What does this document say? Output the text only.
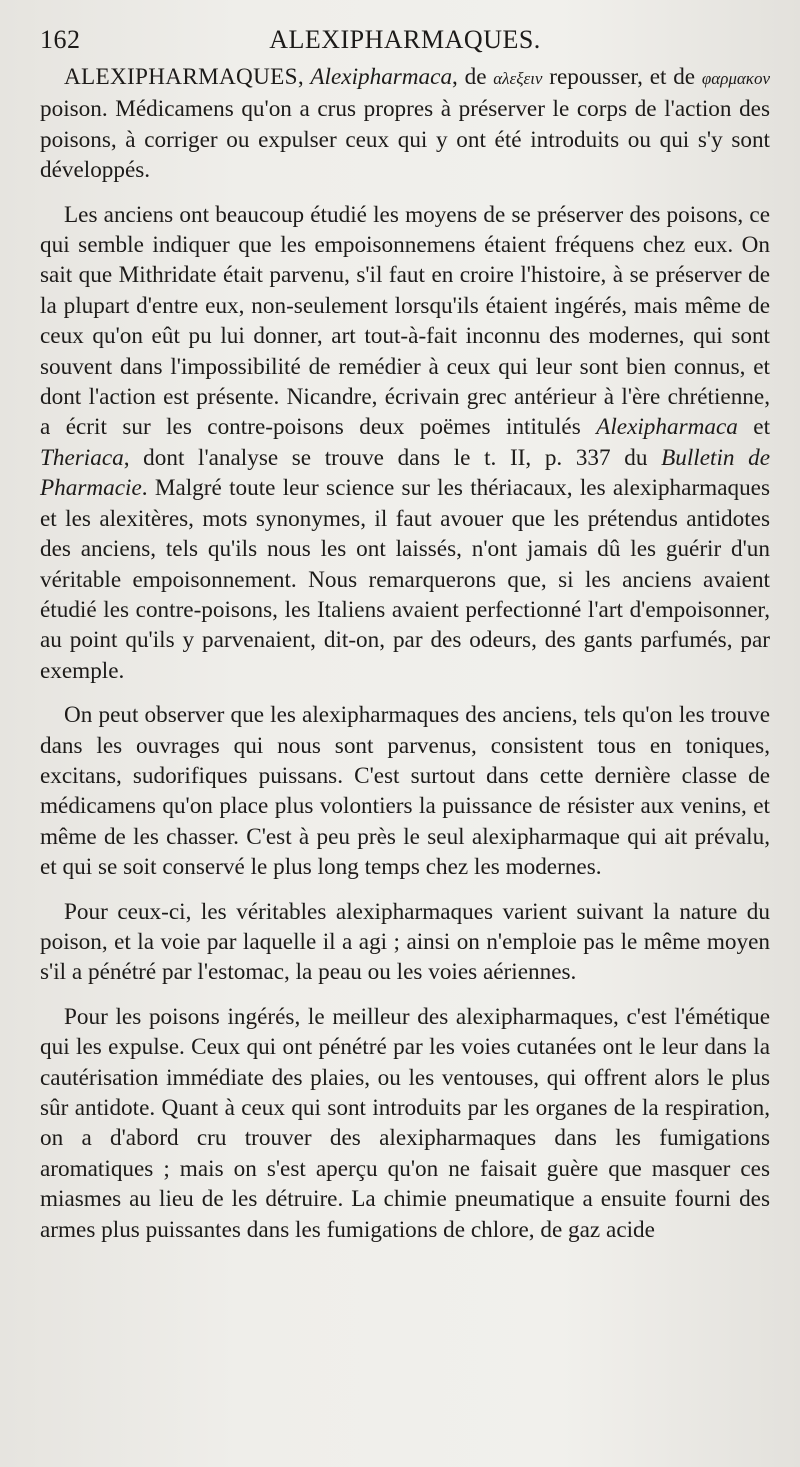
162	ALEXIPHARMAQUES.

ALEXIPHARMAQUES, Alexipharmaca, de αλεξειν repousser, et de φαρμακον poison. Médicamens qu'on a crus propres à préserver le corps de l'action des poisons, à corriger ou expulser ceux qui y ont été introduits ou qui s'y sont développés.

Les anciens ont beaucoup étudié les moyens de se préserver des poisons, ce qui semble indiquer que les empoisonnemens étaient fréquens chez eux. On sait que Mithridate était parvenu, s'il faut en croire l'histoire, à se préserver de la plupart d'entre eux, non-seulement lorsqu'ils étaient ingérés, mais même de ceux qu'on eût pu lui donner, art tout-à-fait inconnu des modernes, qui sont souvent dans l'impossibilité de remédier à ceux qui leur sont bien connus, et dont l'action est présente. Nicandre, écrivain grec antérieur à l'ère chrétienne, a écrit sur les contre-poisons deux poëmes intitulés Alexipharmaca et Theriaca, dont l'analyse se trouve dans le t. II, p. 337 du Bulletin de Pharmacie. Malgré toute leur science sur les thériacaux, les alexipharmaques et les alexitères, mots synonymes, il faut avouer que les prétendus antidotes des anciens, tels qu'ils nous les ont laissés, n'ont jamais dû les guérir d'un véritable empoisonnement. Nous remarquerons que, si les anciens avaient étudié les contre-poisons, les Italiens avaient perfectionné l'art d'empoisonner, au point qu'ils y parvenaient, dit-on, par des odeurs, des gants parfumés, par exemple.

On peut observer que les alexipharmaques des anciens, tels qu'on les trouve dans les ouvrages qui nous sont parvenus, consistent tous en toniques, excitans, sudorifiques puissans. C'est surtout dans cette dernière classe de médicamens qu'on place plus volontiers la puissance de résister aux venins, et même de les chasser. C'est à peu près le seul alexipharmaque qui ait prévalu, et qui se soit conservé le plus long temps chez les modernes.

Pour ceux-ci, les véritables alexipharmaques varient suivant la nature du poison, et la voie par laquelle il a agi ; ainsi on n'emploie pas le même moyen s'il a pénétré par l'estomac, la peau ou les voies aériennes.

Pour les poisons ingérés, le meilleur des alexipharmaques, c'est l'émétique qui les expulse. Ceux qui ont pénétré par les voies cutanées ont le leur dans la cautérisation immédiate des plaies, ou les ventouses, qui offrent alors le plus sûr antidote. Quant à ceux qui sont introduits par les organes de la respiration, on a d'abord cru trouver des alexipharmaques dans les fumigations aromatiques ; mais on s'est aperçu qu'on ne faisait guère que masquer ces miasmes au lieu de les détruire. La chimie pneumatique a ensuite fourni des armes plus puissantes dans les fumigations de chlore, de gaz acide
